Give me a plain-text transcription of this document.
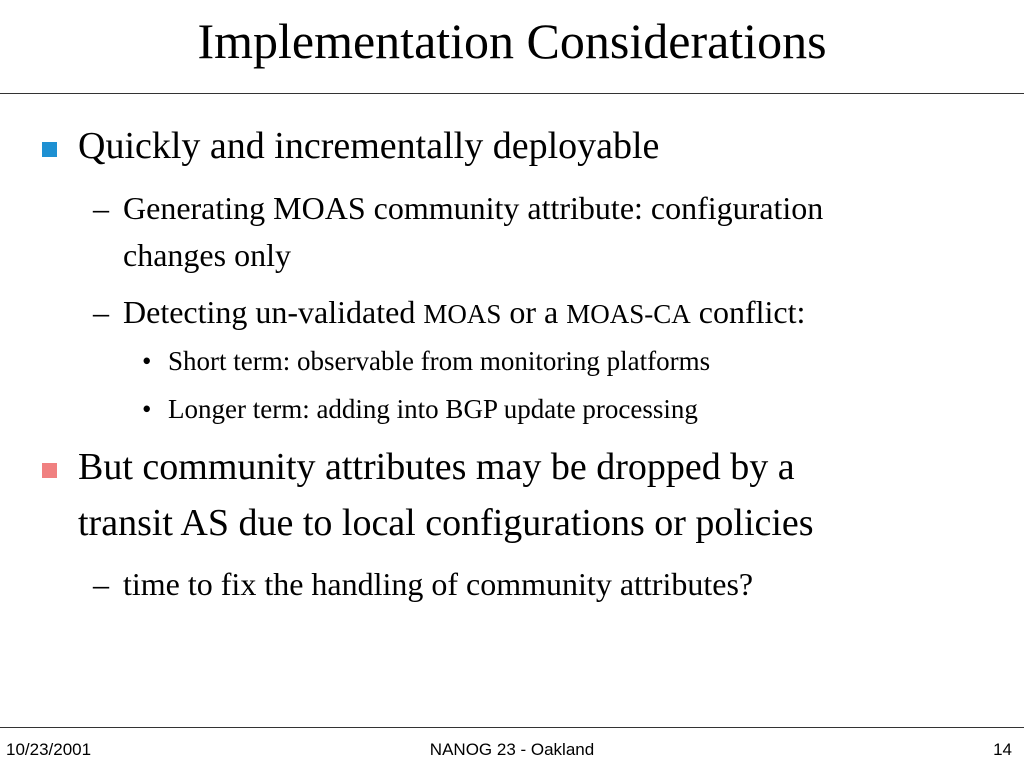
Implementation Considerations
Quickly and incrementally deployable
– Generating MOAS community attribute: configuration
changes only
– Detecting un-validated MOAS or a MOAS-CA conflict:
• Short term: observable from monitoring platforms
• Longer term: adding into BGP update processing
But community attributes may be dropped by a
transit AS due to local configurations or policies
– time to fix the handling of community attributes?
10/23/2001	NANOG 23 - Oakland	14
